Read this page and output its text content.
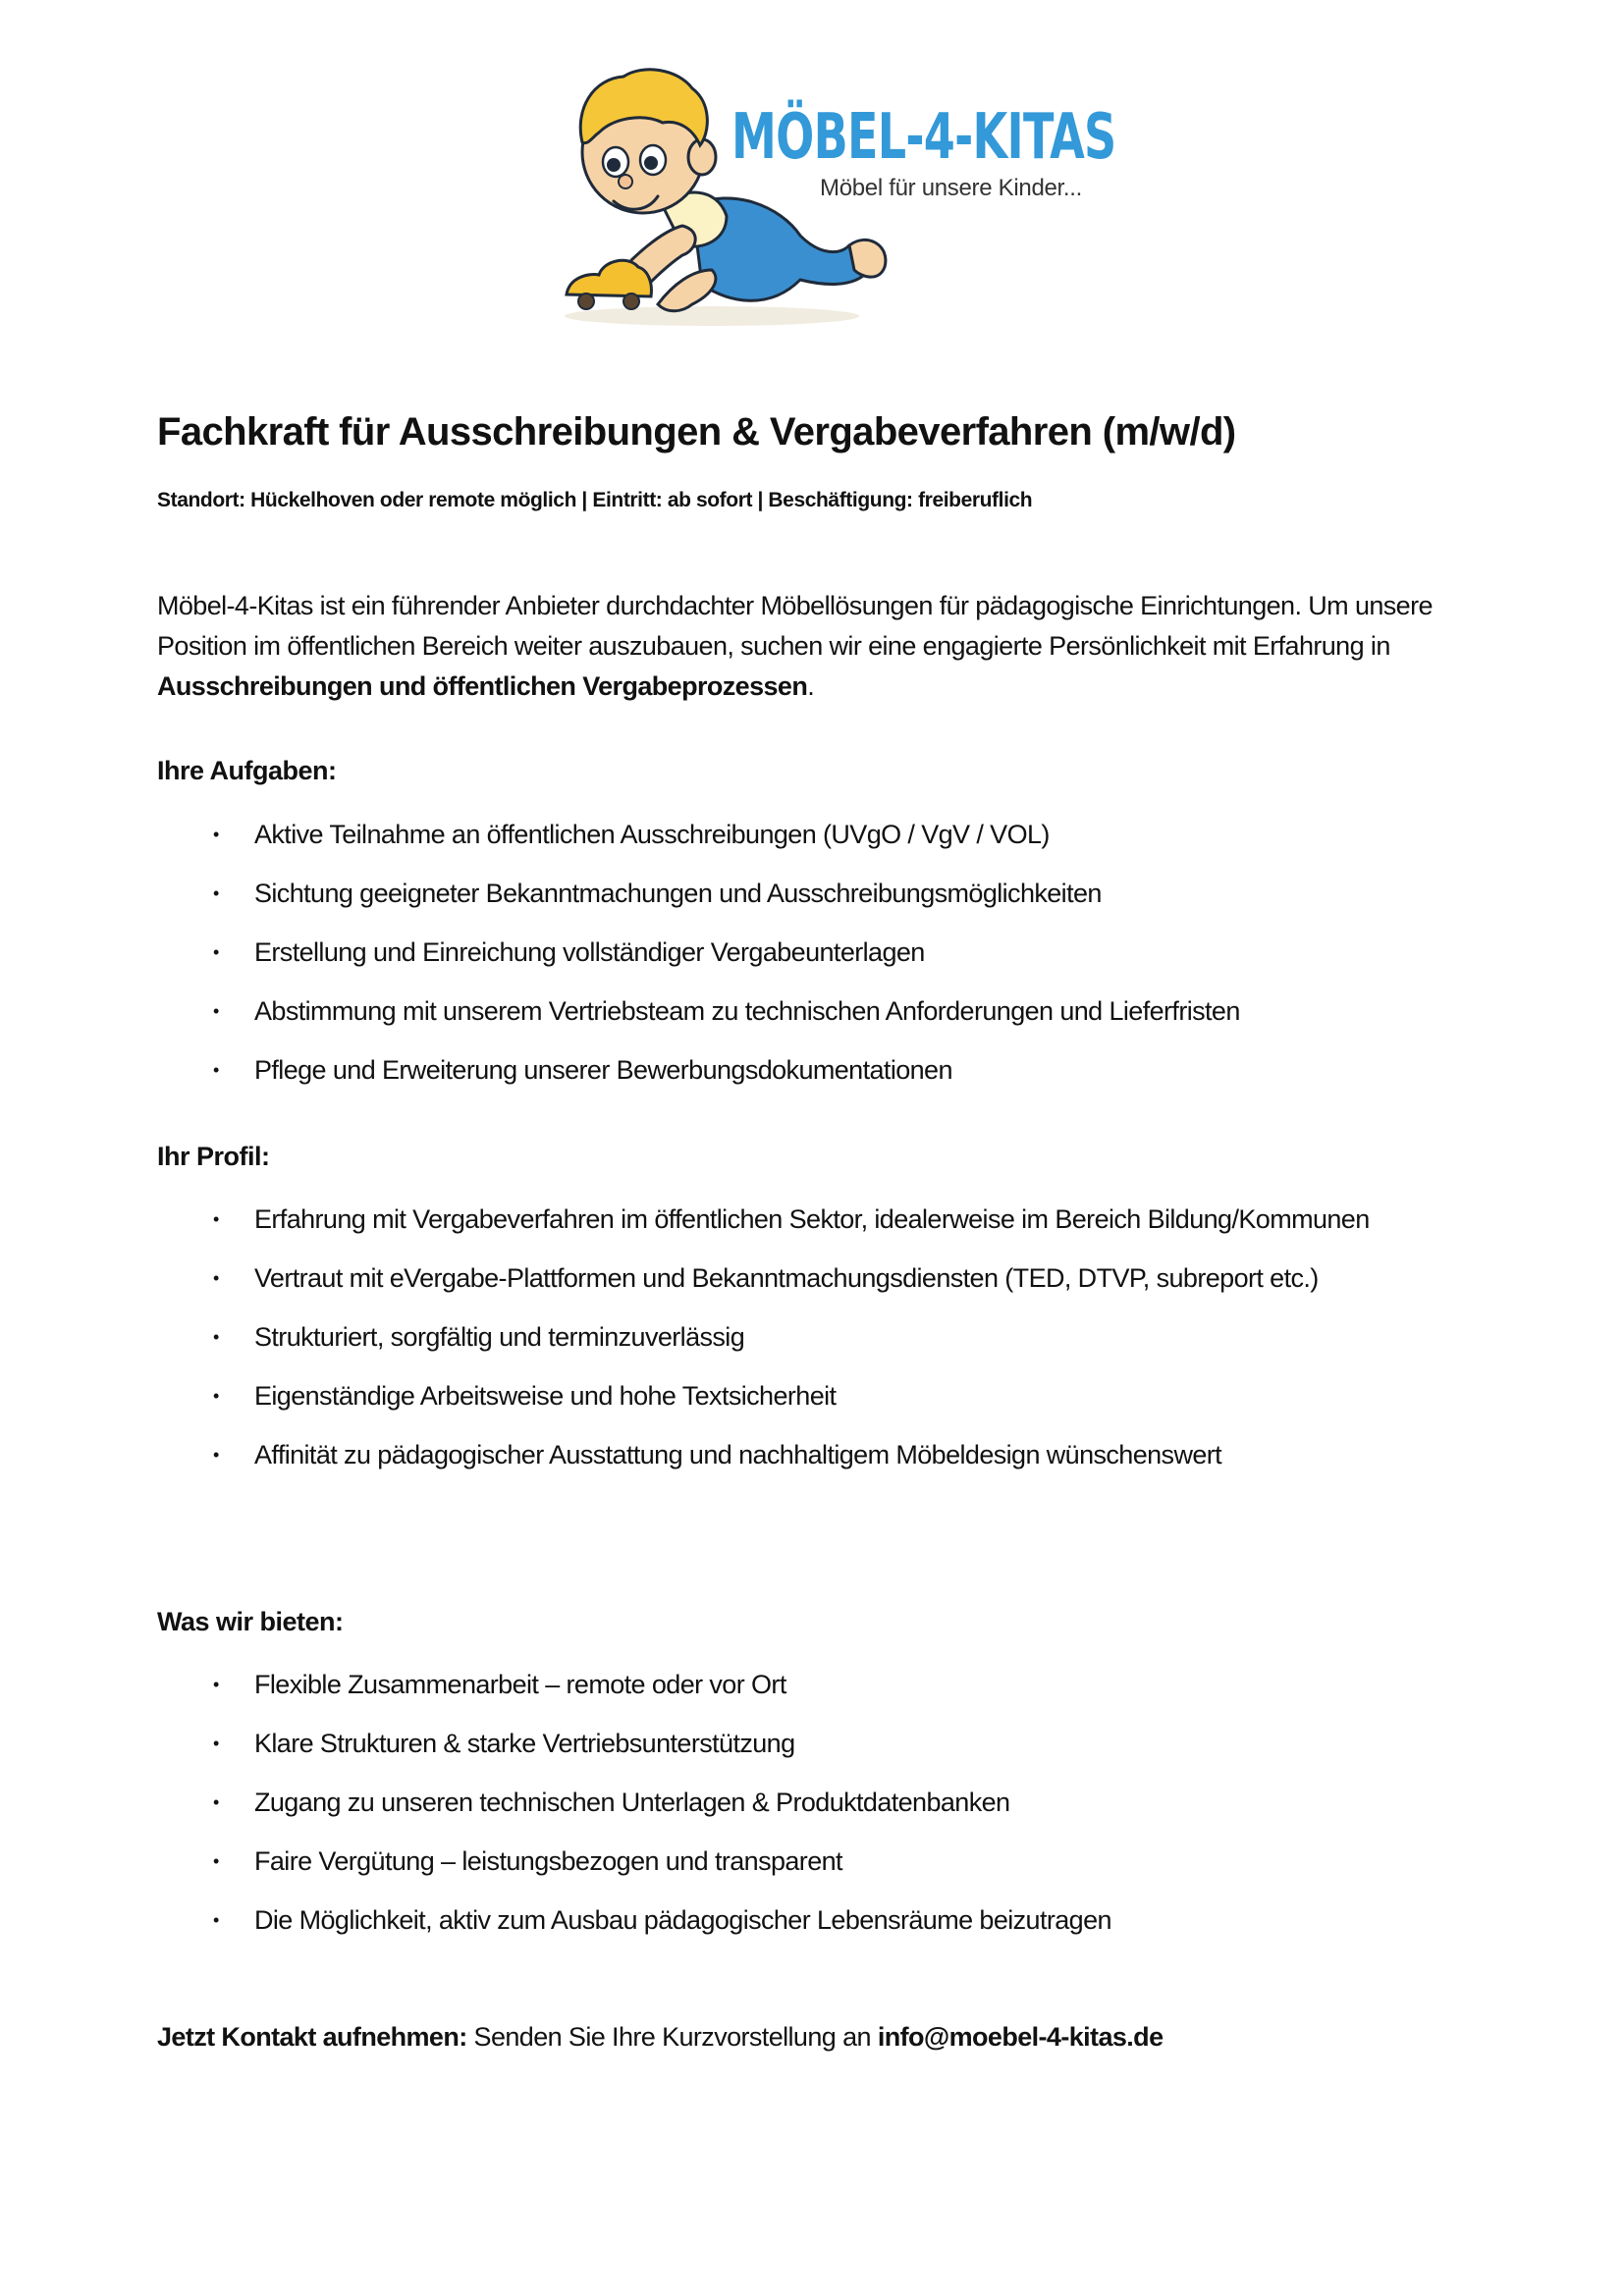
MÖBEL-4-KITAS
Möbel für unsere Kinder...
Fachkraft für Ausschreibungen & Vergabeverfahren (m/w/d)
Standort: Hückelhoven oder remote möglich | Eintritt: ab sofort | Beschäftigung: freiberuflich

Möbel-4-Kitas ist ein führender Anbieter durchdachter Möbellösungen für pädagogische Einrichtungen. Um unsere Position im öffentlichen Bereich weiter auszubauen, suchen wir eine engagierte Persönlichkeit mit Erfahrung in Ausschreibungen und öffentlichen Vergabeprozessen.

Ihre Aufgaben:
• Aktive Teilnahme an öffentlichen Ausschreibungen (UVgO / VgV / VOL)
• Sichtung geeigneter Bekanntmachungen und Ausschreibungsmöglichkeiten
• Erstellung und Einreichung vollständiger Vergabeunterlagen
• Abstimmung mit unserem Vertriebsteam zu technischen Anforderungen und Lieferfristen
• Pflege und Erweiterung unserer Bewerbungsdokumentationen
Ihr Profil:
• Erfahrung mit Vergabeverfahren im öffentlichen Sektor, idealerweise im Bereich Bildung/Kommunen
• Vertraut mit eVergabe-Plattformen und Bekanntmachungsdiensten (TED, DTVP, subreport etc.)
• Strukturiert, sorgfältig und terminzuverlässig
• Eigenständige Arbeitsweise und hohe Textsicherheit
• Affinität zu pädagogischer Ausstattung und nachhaltigem Möbeldesign wünschenswert
Was wir bieten:
• Flexible Zusammenarbeit – remote oder vor Ort
• Klare Strukturen & starke Vertriebsunterstützung
• Zugang zu unseren technischen Unterlagen & Produktdatenbanken
• Faire Vergütung – leistungsbezogen und transparent
• Die Möglichkeit, aktiv zum Ausbau pädagogischer Lebensräume beizutragen
Jetzt Kontakt aufnehmen: Senden Sie Ihre Kurzvorstellung an info@moebel-4-kitas.de
